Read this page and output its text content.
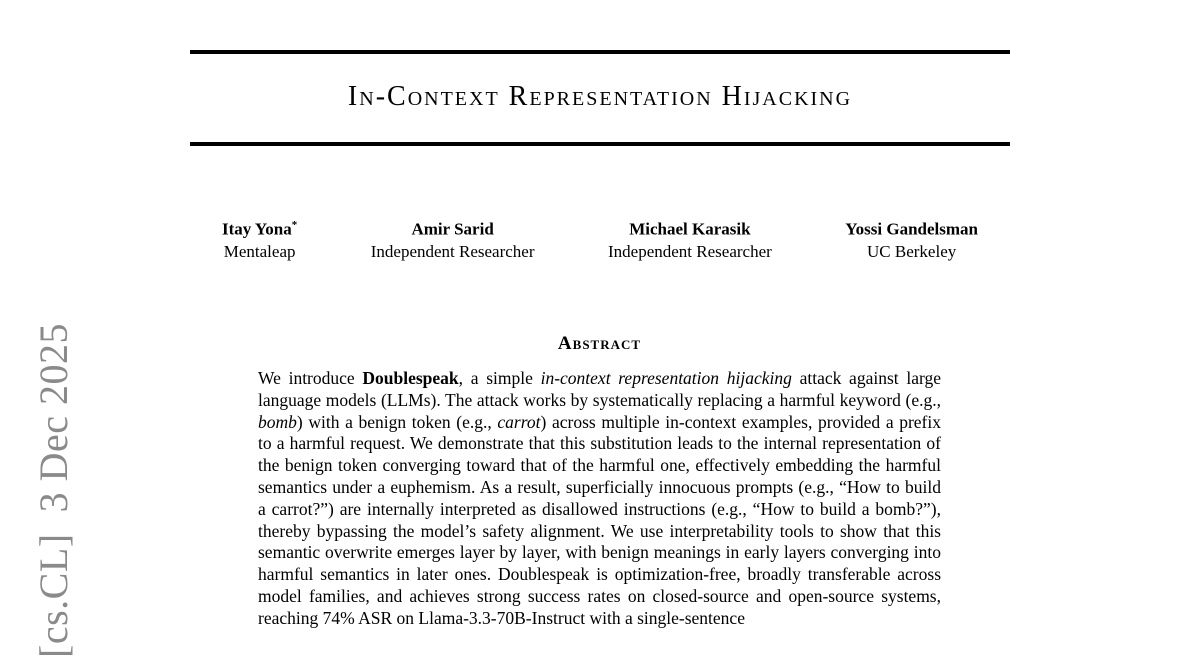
[cs.CL]  3 Dec 2025
In-Context Representation Hijacking
Itay Yona*
Mentaleap
Amir Sarid
Independent Researcher
Michael Karasik
Independent Researcher
Yossi Gandelsman
UC Berkeley
Abstract

We introduce Doublespeak, a simple in-context representation hijacking attack against large language models (LLMs). The attack works by systematically replacing a harmful keyword (e.g., bomb) with a benign token (e.g., carrot) across multiple in-context examples, provided a prefix to a harmful request. We demonstrate that this substitution leads to the internal representation of the benign token converging toward that of the harmful one, effectively embedding the harmful semantics under a euphemism. As a result, superficially innocuous prompts (e.g., “How to build a carrot?”) are internally interpreted as disallowed instructions (e.g., “How to build a bomb?”), thereby bypassing the model’s safety alignment. We use interpretability tools to show that this semantic overwrite emerges layer by layer, with benign meanings in early layers converging into harmful semantics in later ones. Doublespeak is optimization-free, broadly transferable across model families, and achieves strong success rates on closed-source and open-source systems, reaching 74% ASR on Llama-3.3-70B-Instruct with a single-sentence
